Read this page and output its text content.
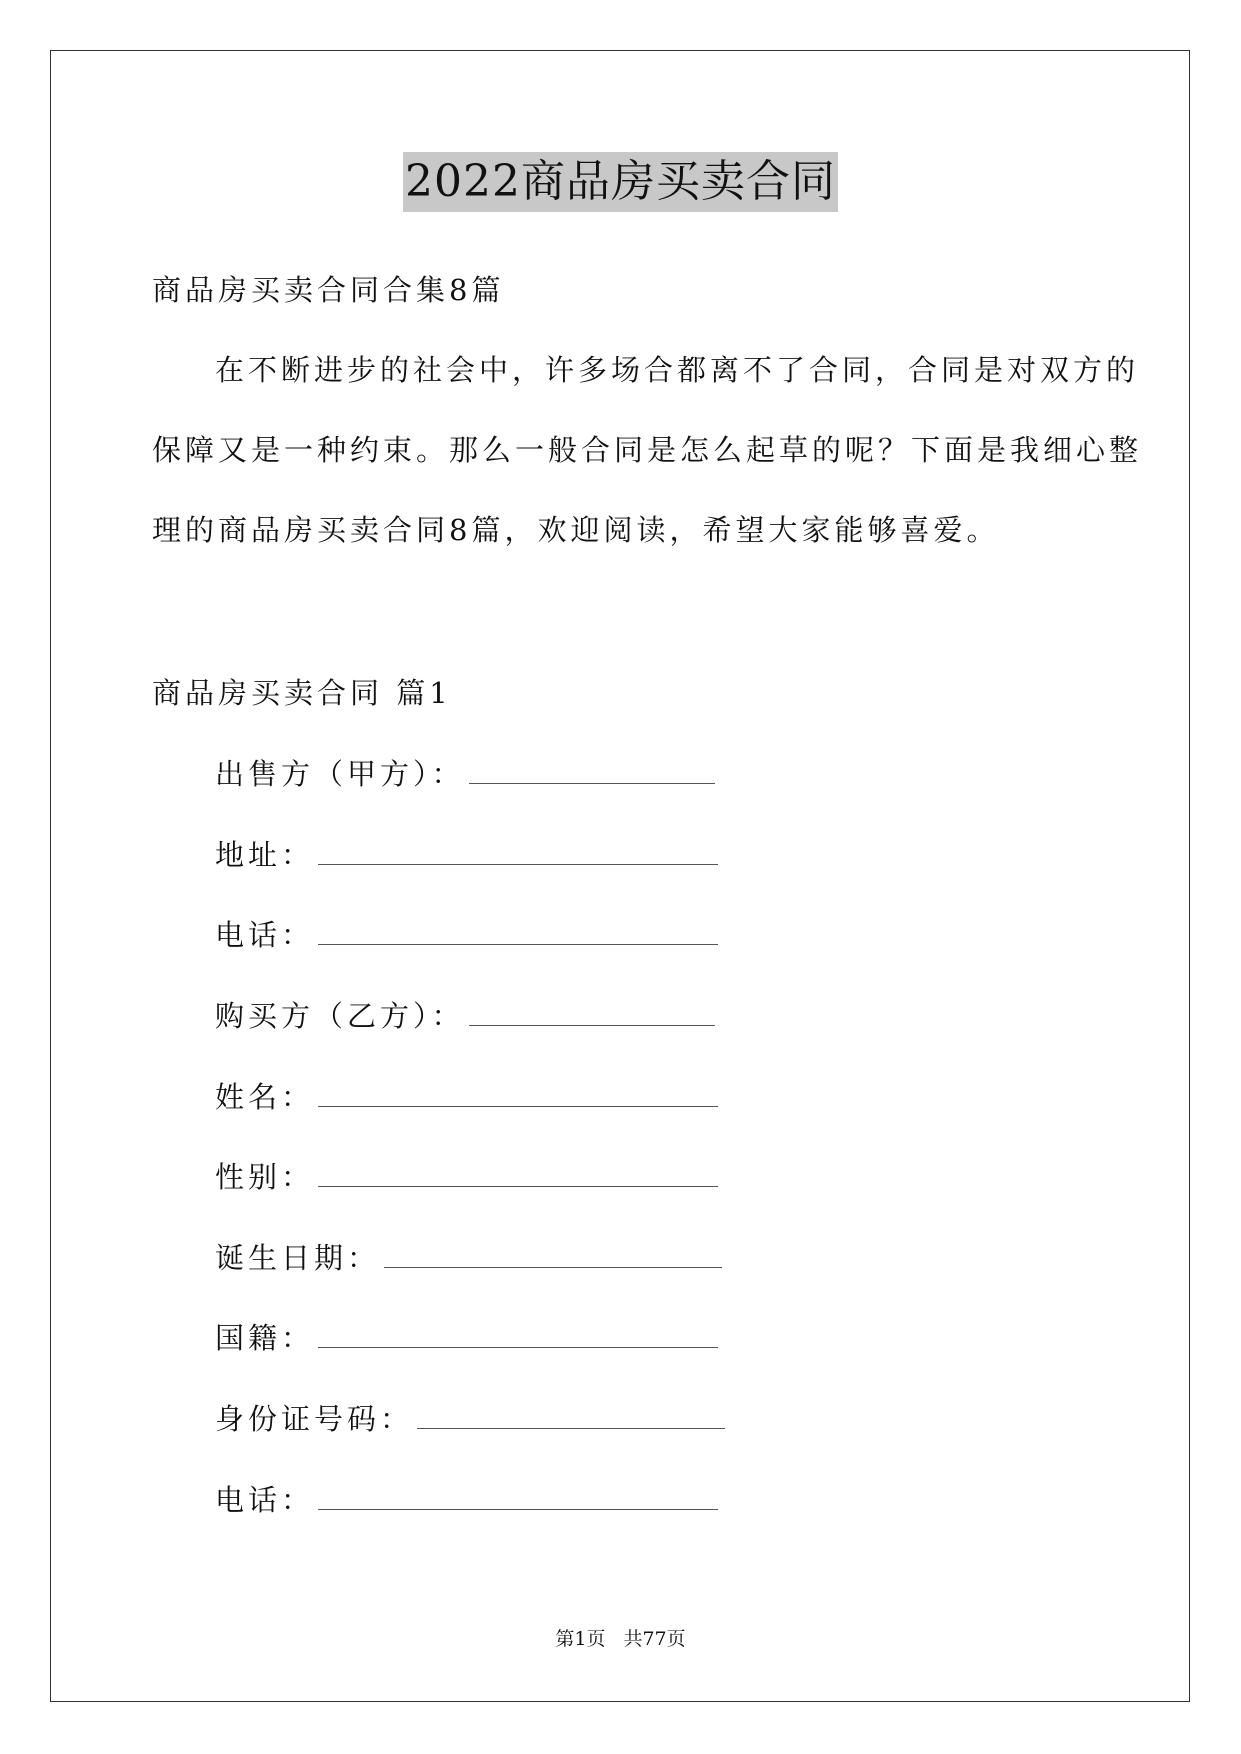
2022商品房买卖合同
商品房买卖合同合集8篇
在不断进步的社会中，许多场合都离不了合同，合同是对双方的
保障又是一种约束。那么一般合同是怎么起草的呢？下面是我细心整
理的商品房买卖合同8篇，欢迎阅读，希望大家能够喜爱。
商品房买卖合同 篇1
出售方（甲方）：
地址：
电话：
购买方（乙方）：
姓名：
性别：
诞生日期：
国籍：
身份证号码：
电话：
第1页 共77页
